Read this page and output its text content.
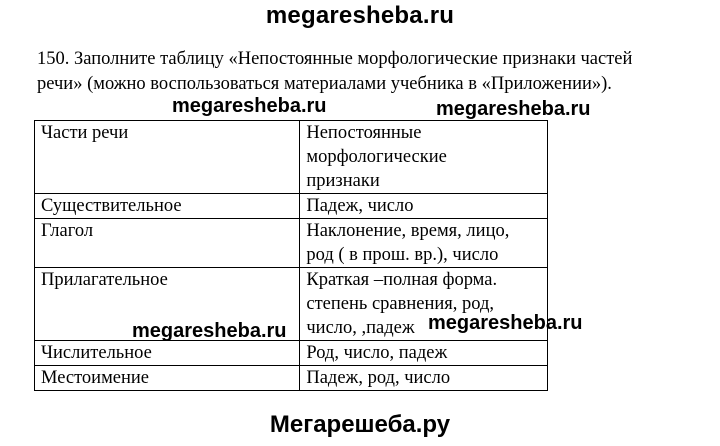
megaresheba.ru

150. Заполните таблицу «Непостоянные морфологические признаки частей

речи» (можно воспользоваться материалами учебника в «Приложении»).

Части речи	Непостоянные
морфологические
признаки

Существительное	Падеж, число

Глагол	Наклонение, время, лицо,
род ( в прош. вр.), число

Прилагательное	Краткая –полная форма.
степень сравнения, род,
число, ,падеж

Числительное	Род, число, падеж

Местоимение	Падеж, род, число
megaresheba.ru	megaresheba.ru
megaresheba.ru	megaresheba.ru
Мегарешеба.ру
